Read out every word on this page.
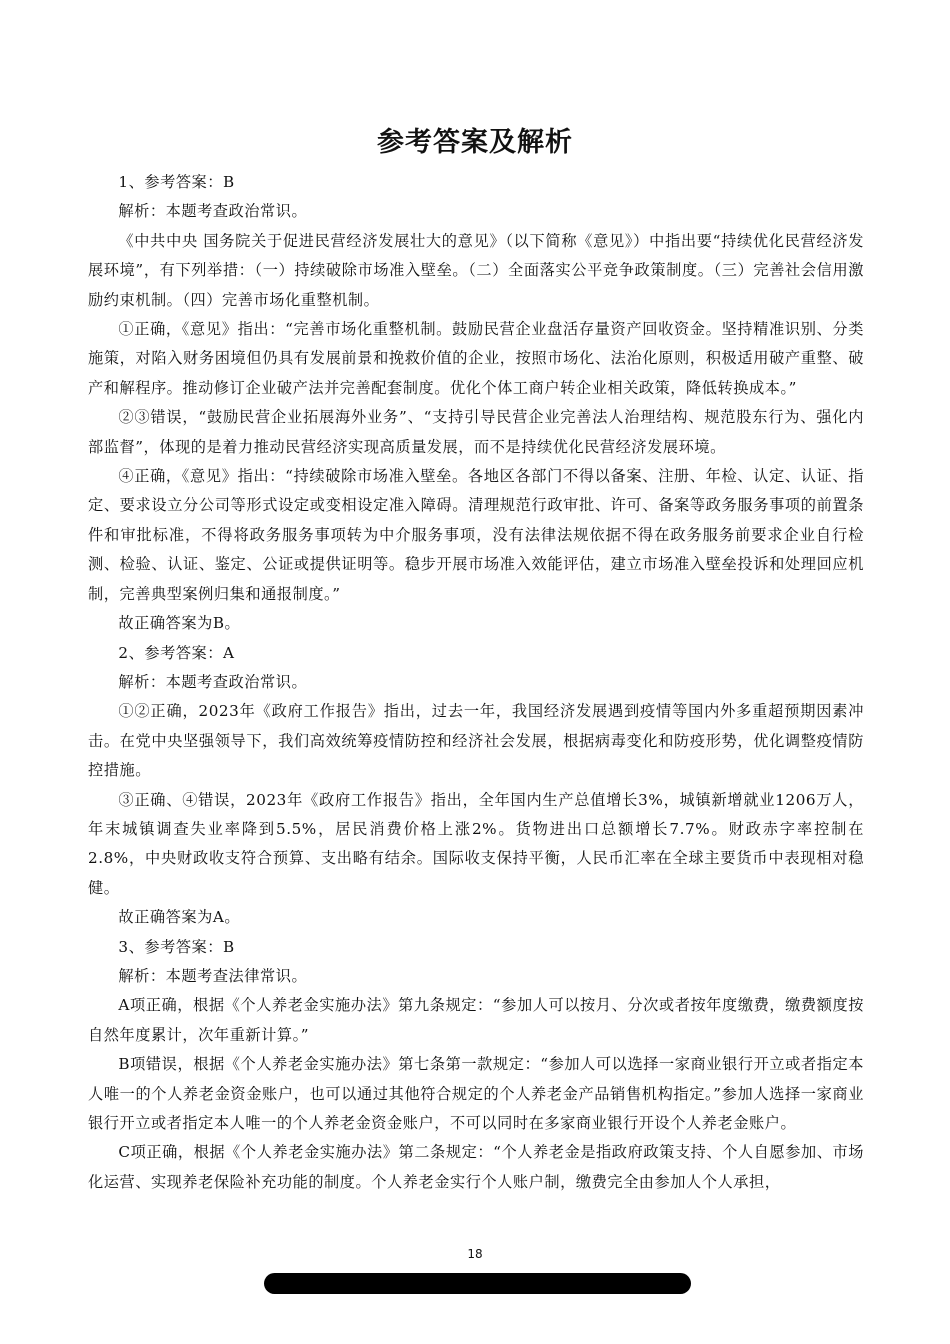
参考答案及解析

1、参考答案：B

解析：本题考查政治常识。

《中共中央 国务院关于促进民营经济发展壮大的意见》（以下简称《意见》）中指出要“持续优化民营经济发展环境”，有下列举措：（一）持续破除市场准入壁垒。（二）全面落实公平竞争政策制度。（三）完善社会信用激励约束机制。（四）完善市场化重整机制。

①正确，《意见》指出：“完善市场化重整机制。鼓励民营企业盘活存量资产回收资金。坚持精准识别、分类施策，对陷入财务困境但仍具有发展前景和挽救价值的企业，按照市场化、法治化原则，积极适用破产重整、破产和解程序。推动修订企业破产法并完善配套制度。优化个体工商户转企业相关政策，降低转换成本。”

②③错误，“鼓励民营企业拓展海外业务”、“支持引导民营企业完善法人治理结构、规范股东行为、强化内部监督”，体现的是着力推动民营经济实现高质量发展，而不是持续优化民营经济发展环境。

④正确，《意见》指出：“持续破除市场准入壁垒。各地区各部门不得以备案、注册、年检、认定、认证、指定、要求设立分公司等形式设定或变相设定准入障碍。清理规范行政审批、许可、备案等政务服务事项的前置条件和审批标准，不得将政务服务事项转为中介服务事项，没有法律法规依据不得在政务服务前要求企业自行检测、检验、认证、鉴定、公证或提供证明等。稳步开展市场准入效能评估，建立市场准入壁垒投诉和处理回应机制，完善典型案例归集和通报制度。”

故正确答案为B。

2、参考答案：A

解析：本题考查政治常识。

①②正确，2023年《政府工作报告》指出，过去一年，我国经济发展遇到疫情等国内外多重超预期因素冲击。在党中央坚强领导下，我们高效统筹疫情防控和经济社会发展，根据病毒变化和防疫形势，优化调整疫情防控措施。

③正确、④错误，2023年《政府工作报告》指出，全年国内生产总值增长3%，城镇新增就业1206万人，年末城镇调查失业率降到5.5%，居民消费价格上涨2%。货物进出口总额增长7.7%。财政赤字率控制在2.8%，中央财政收支符合预算、支出略有结余。国际收支保持平衡，人民币汇率在全球主要货币中表现相对稳健。

故正确答案为A。

3、参考答案：B

解析：本题考查法律常识。

A项正确，根据《个人养老金实施办法》第九条规定：“参加人可以按月、分次或者按年度缴费，缴费额度按自然年度累计，次年重新计算。”

B项错误，根据《个人养老金实施办法》第七条第一款规定：“参加人可以选择一家商业银行开立或者指定本人唯一的个人养老金资金账户，也可以通过其他符合规定的个人养老金产品销售机构指定。”参加人选择一家商业银行开立或者指定本人唯一的个人养老金资金账户，不可以同时在多家商业银行开设个人养老金账户。

C项正确，根据《个人养老金实施办法》第二条规定：“个人养老金是指政府政策支持、个人自愿参加、市场化运营、实现养老保险补充功能的制度。个人养老金实行个人账户制，缴费完全由参加人个人承担，

18
